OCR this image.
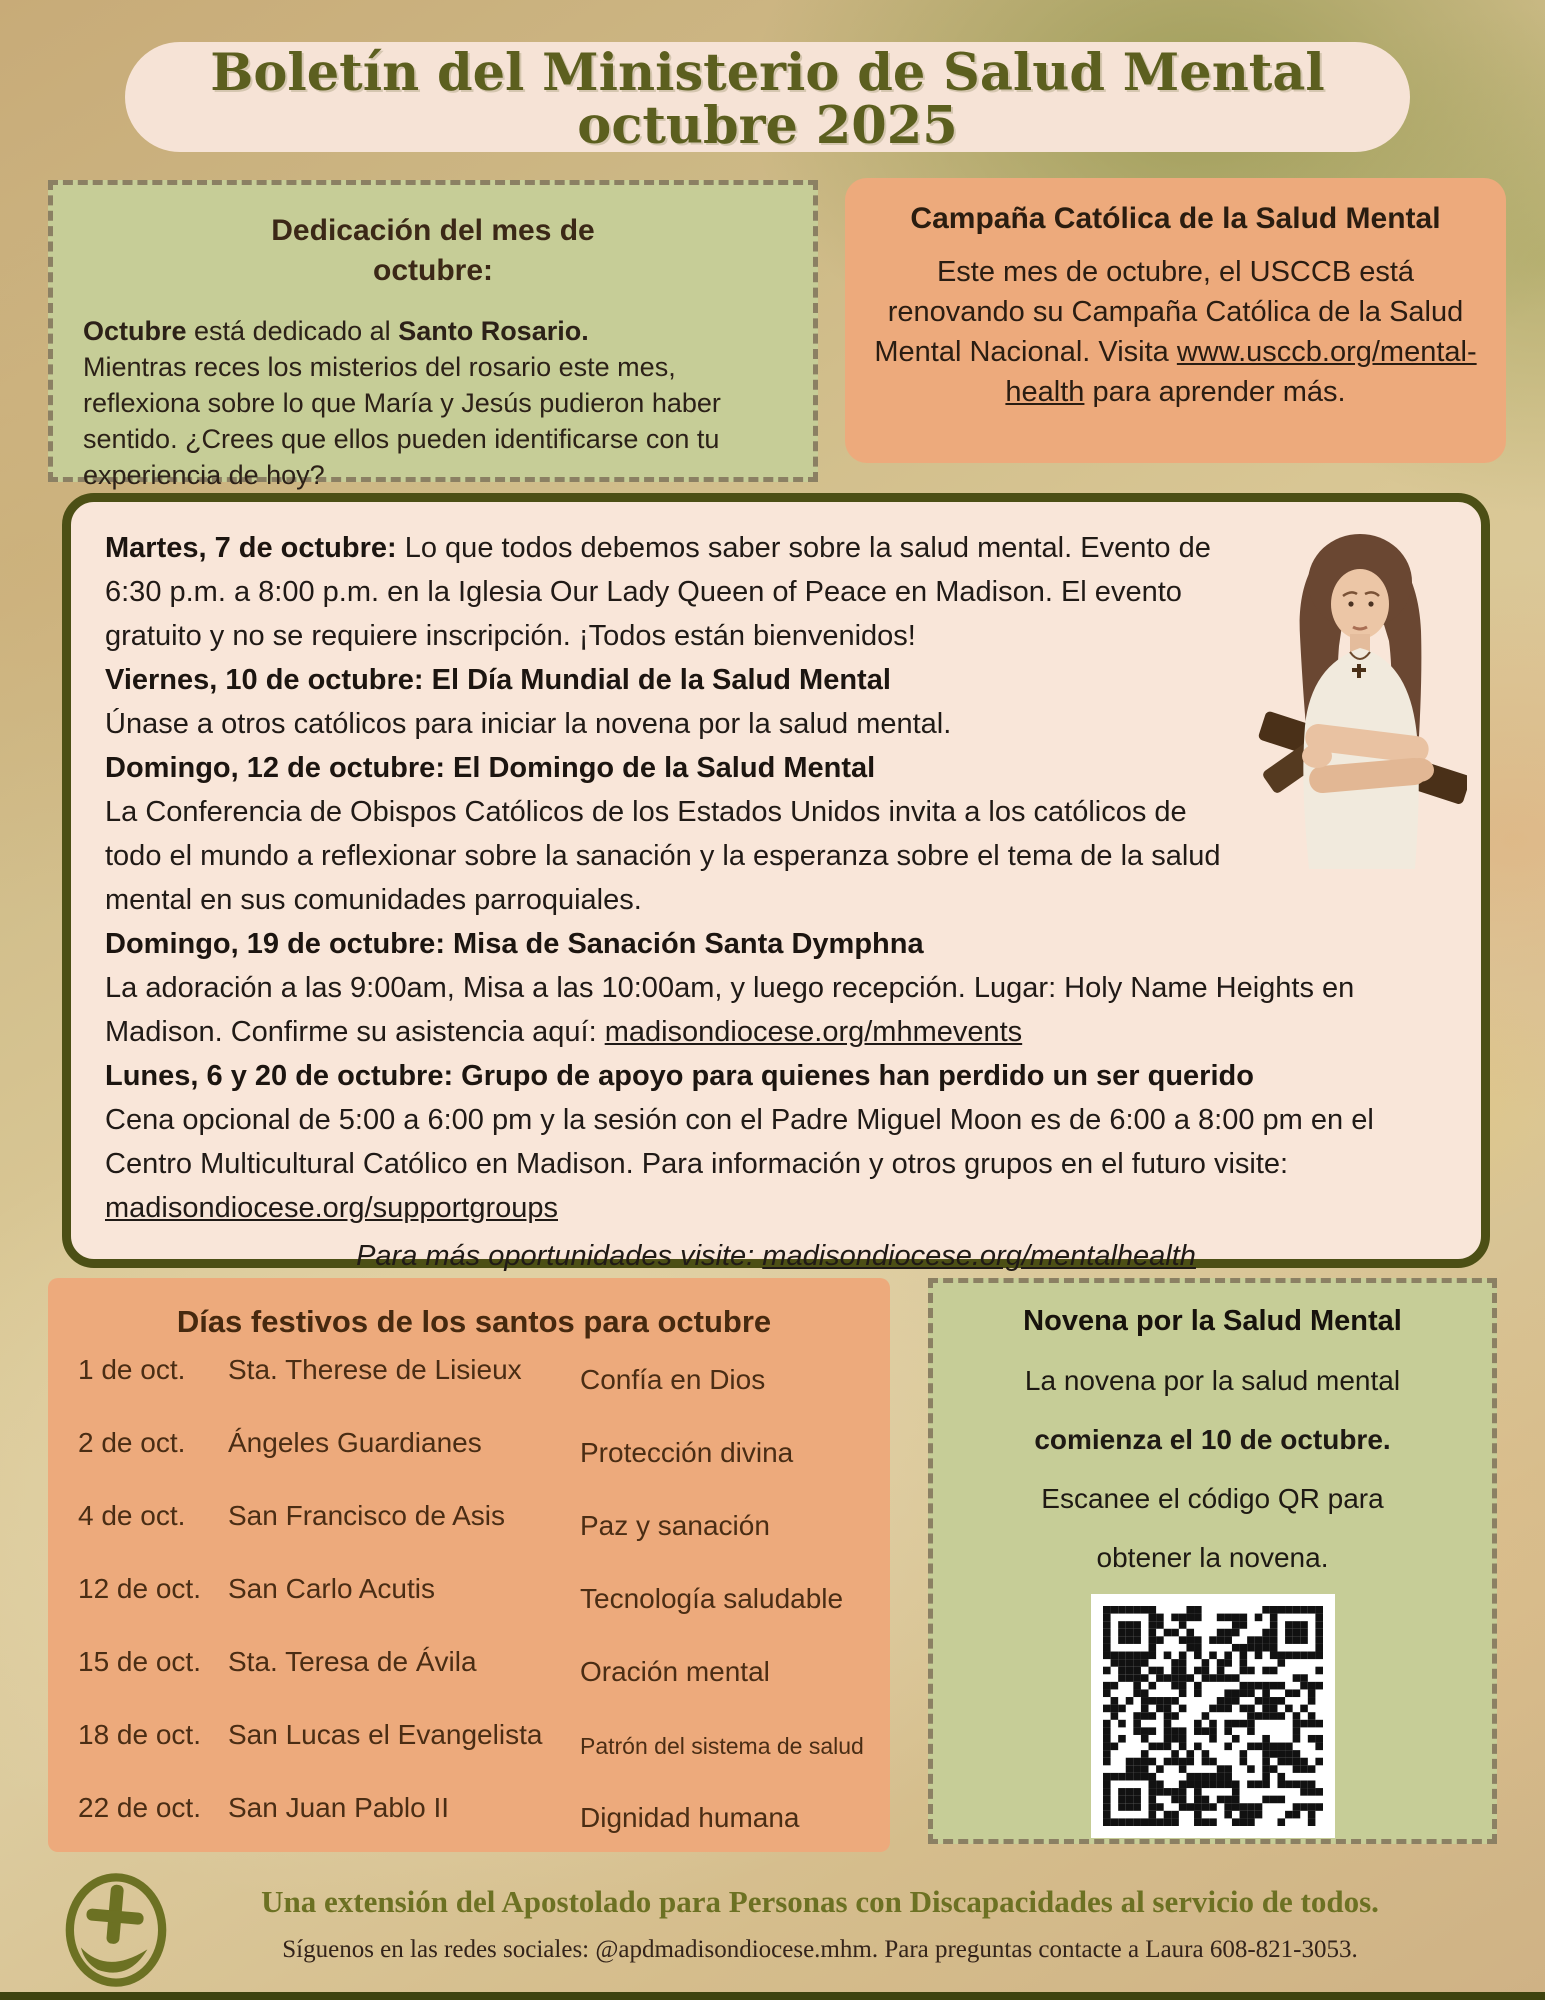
Boletín del Ministerio de Salud Mental
octubre 2025
Dedicación del mes de octubre:

Octubre está dedicado al Santo Rosario.
Mientras reces los misterios del rosario este mes, reflexiona sobre lo que María y Jesús pudieron haber sentido. ¿Crees que ellos pueden identificarse con tu experiencia de hoy?

Campaña Católica de la Salud Mental

Este mes de octubre, el USCCB está renovando su Campaña Católica de la Salud Mental Nacional. Visita www.usccb.org/mental-health para aprender más.

Martes, 7 de octubre: Lo que todos debemos saber sobre la salud mental. Evento de 6:30 p.m. a 8:00 p.m. en la Iglesia Our Lady Queen of Peace en Madison. El evento gratuito y no se requiere inscripción. ¡Todos están bienvenidos!

Viernes, 10 de octubre: El Día Mundial de la Salud Mental
Únase a otros católicos para iniciar la novena por la salud mental.

Domingo, 12 de octubre: El Domingo de la Salud Mental
La Conferencia de Obispos Católicos de los Estados Unidos invita a los católicos de todo el mundo a reflexionar sobre la sanación y la esperanza sobre el tema de la salud mental en sus comunidades parroquiales.

Domingo, 19 de octubre: Misa de Sanación Santa Dymphna
La adoración a las 9:00am, Misa a las 10:00am, y luego recepción. Lugar: Holy Name Heights en Madison. Confirme su asistencia aquí: madisondiocese.org/mhmevents

Lunes, 6 y 20 de octubre: Grupo de apoyo para quienes han perdido un ser querido
Cena opcional de 5:00 a 6:00 pm y la sesión con el Padre Miguel Moon es de 6:00 a 8:00 pm en el Centro Multicultural Católico en Madison. Para información y otros grupos en el futuro visite: madisondiocese.org/supportgroups

Para más oportunidades visite: madisondiocese.org/mentalhealth

Días festivos de los santos para octubre
1 de oct.	Sta. Therese de Lisieux	Confía en Dios
2 de oct.	Ángeles Guardianes	Protección divina
4 de oct.	San Francisco de Asis	Paz y sanación
12 de oct. San Carlo Acutis	Tecnología saludable
15 de oct. Sta. Teresa de Ávila	Oración mental
18 de oct. San Lucas el Evangelista	Patrón del sistema de salud
22 de oct. San Juan Pablo II	Dignidad humana
Novena por la Salud Mental

La novena por la salud mental

comienza el 10 de octubre.

Escanee el código QR para

obtener la novena.

Una extensión del Apostolado para Personas con Discapacidades al servicio de todos.
Síguenos en las redes sociales: @apdmadisondiocese.mhm. Para preguntas contacte a Laura 608-821-3053.
